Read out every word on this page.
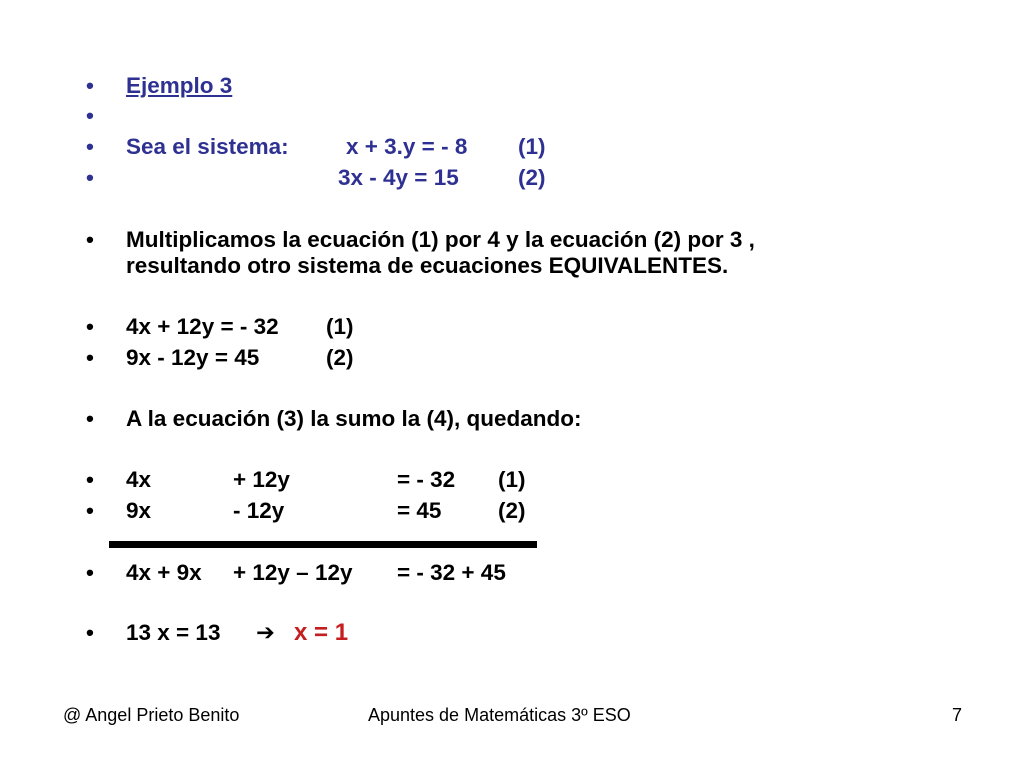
• Ejemplo 3
•
• Sea el sistema:	x + 3.y = - 8 (1)
•	3x - 4y = 15	(2)
• Multiplicamos la ecuación (1) por 4 y la ecuación (2) por 3 ,
resultando otro sistema de ecuaciones EQUIVALENTES.
• 4x + 12y = - 32 (1)
• 9x - 12y = 45	(2)
• A la ecuación (3) la sumo la (4), quedando:
• 4x	+ 12y	= - 32 (1)
• 9x	- 12y	= 45	(2)
• 4x + 9x + 12y – 12y = - 32 + 45
• 13 x = 13 ➔ x = 1
@ Angel Prieto Benito	Apuntes de Matemáticas 3º ESO	7
